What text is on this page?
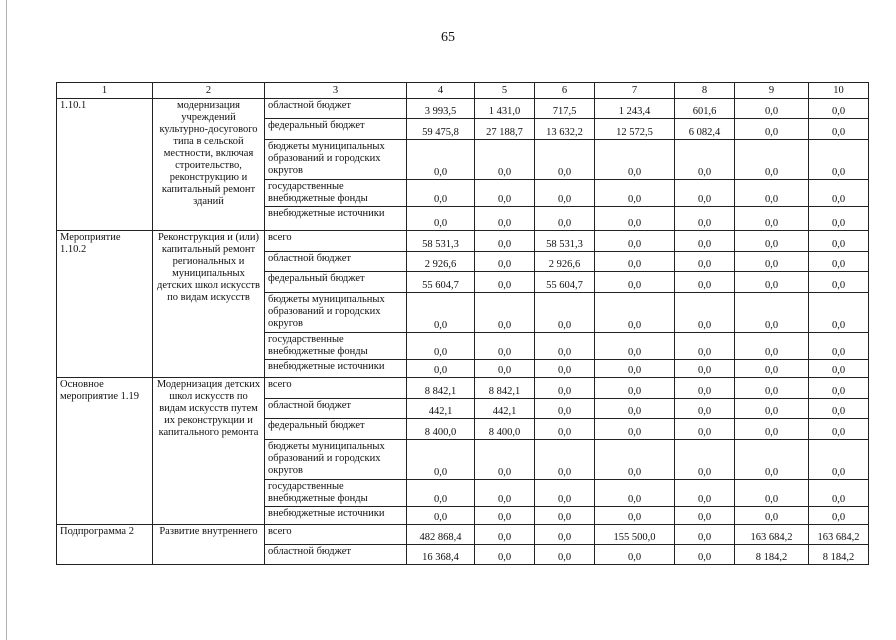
65
1	2	3	4	5	6	7	8	9	10
1.10.1	модернизация учреждений культурно-досугового типа в сельской местности, включая строительство, реконструкцию и капитальный ремонт зданий	областной бюджет	3 993,5	1 431,0	717,5	1 243,4	601,6	0,0	0,0
		федеральный бюджет	59 475,8	27 188,7	13 632,2	12 572,5	6 082,4	0,0	0,0
		бюджеты муниципальных образований и городских округов	0,0	0,0	0,0	0,0	0,0	0,0	0,0
		государственные внебюджетные фонды	0,0	0,0	0,0	0,0	0,0	0,0	0,0
		внебюджетные источники	0,0	0,0	0,0	0,0	0,0	0,0	0,0
Мероприятие 1.10.2	Реконструкция и (или) капитальный ремонт региональных и муниципальных детских школ искусств по видам искусств	всего	58 531,3	0,0	58 531,3	0,0	0,0	0,0	0,0
		областной бюджет	2 926,6	0,0	2 926,6	0,0	0,0	0,0	0,0
		федеральный бюджет	55 604,7	0,0	55 604,7	0,0	0,0	0,0	0,0
		бюджеты муниципальных образований и городских округов	0,0	0,0	0,0	0,0	0,0	0,0	0,0
		государственные внебюджетные фонды	0,0	0,0	0,0	0,0	0,0	0,0	0,0
		внебюджетные источники	0,0	0,0	0,0	0,0	0,0	0,0	0,0
Основное мероприятие 1.19	Модернизация детских школ искусств по видам искусств путем их реконструкции и капитального ремонта	всего	8 842,1	8 842,1	0,0	0,0	0,0	0,0	0,0
		областной бюджет	442,1	442,1	0,0	0,0	0,0	0,0	0,0
		федеральный бюджет	8 400,0	8 400,0	0,0	0,0	0,0	0,0	0,0
		бюджеты муниципальных образований и городских округов	0,0	0,0	0,0	0,0	0,0	0,0	0,0
		государственные внебюджетные фонды	0,0	0,0	0,0	0,0	0,0	0,0	0,0
		внебюджетные источники	0,0	0,0	0,0	0,0	0,0	0,0	0,0
Подпрограмма 2	Развитие внутреннего	всего	482 868,4	0,0	0,0	155 500,0	0,0	163 684,2	163 684,2
		областной бюджет	16 368,4	0,0	0,0	0,0	0,0	8 184,2	8 184,2
